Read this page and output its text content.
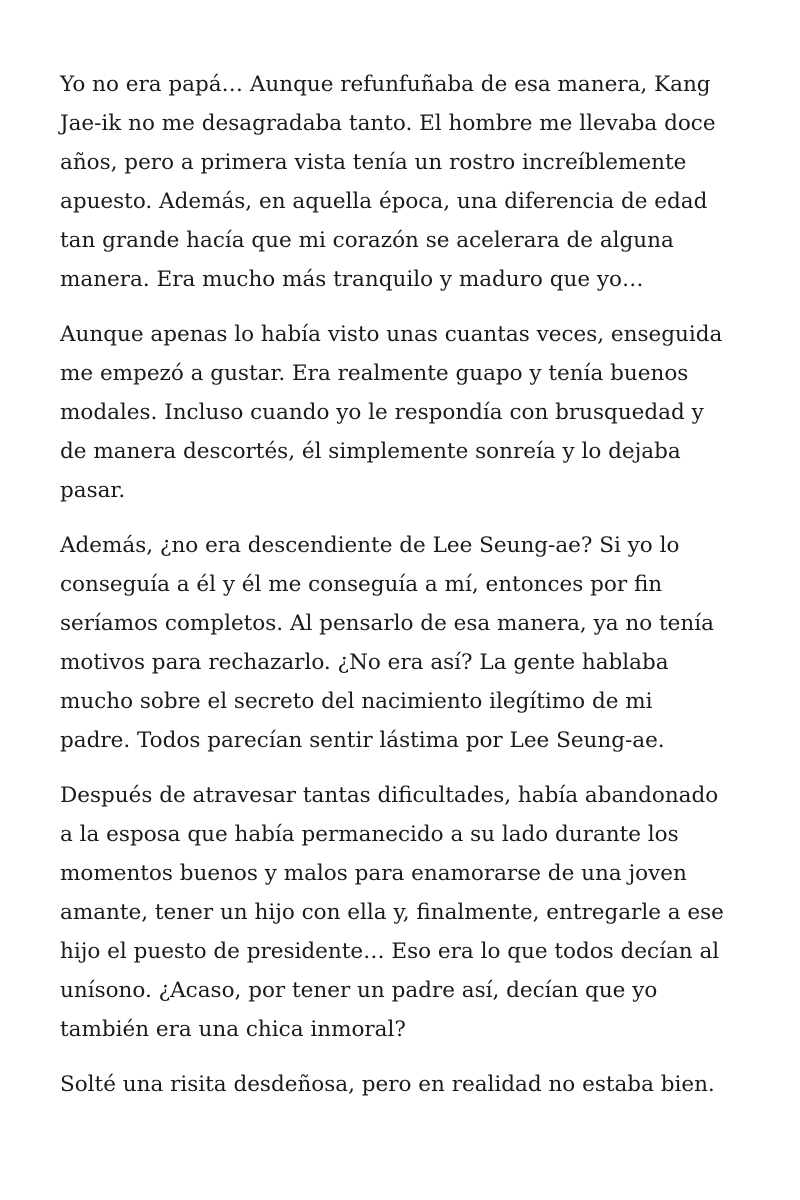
Yo no era papá… Aunque refunfuñaba de esa manera, Kang
Jae-ik no me desagradaba tanto. El hombre me llevaba doce
años, pero a primera vista tenía un rostro increíblemente
apuesto. Además, en aquella época, una diferencia de edad
tan grande hacía que mi corazón se acelerara de alguna
manera. Era mucho más tranquilo y maduro que yo…

Aunque apenas lo había visto unas cuantas veces, enseguida
me empezó a gustar. Era realmente guapo y tenía buenos
modales. Incluso cuando yo le respondía con brusquedad y
de manera descortés, él simplemente sonreía y lo dejaba
pasar.

Además, ¿no era descendiente de Lee Seung-ae? Si yo lo
conseguía a él y él me conseguía a mí, entonces por fin
seríamos completos. Al pensarlo de esa manera, ya no tenía
motivos para rechazarlo. ¿No era así? La gente hablaba
mucho sobre el secreto del nacimiento ilegítimo de mi
padre. Todos parecían sentir lástima por Lee Seung-ae.

Después de atravesar tantas dificultades, había abandonado
a la esposa que había permanecido a su lado durante los
momentos buenos y malos para enamorarse de una joven
amante, tener un hijo con ella y, finalmente, entregarle a ese
hijo el puesto de presidente… Eso era lo que todos decían al
unísono. ¿Acaso, por tener un padre así, decían que yo
también era una chica inmoral?

Solté una risita desdeñosa, pero en realidad no estaba bien.
